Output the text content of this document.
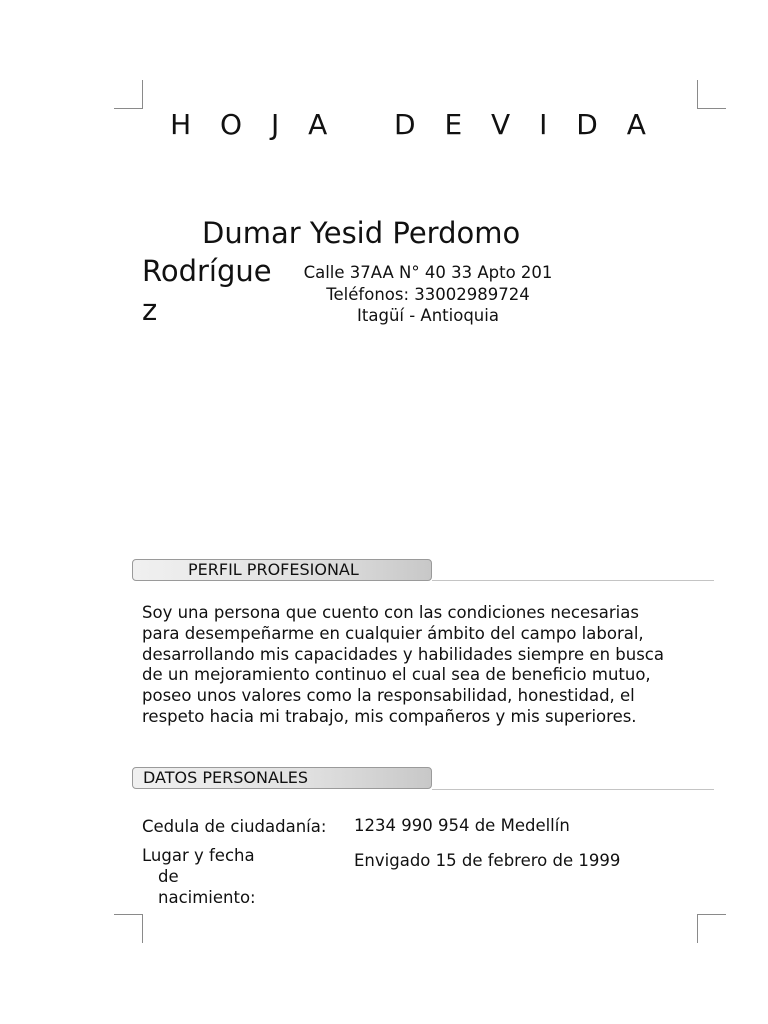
H O J A   D E V I D A
Dumar Yesid Perdomo
Rodrígue
z
Calle 37AA N° 40 33 Apto 201
Teléfonos: 33002989724
Itagüí - Antioquia
PERFIL PROFESIONAL
Soy una persona que cuento con las condiciones necesarias
para desempeñarme en cualquier ámbito del campo laboral,
desarrollando mis capacidades y habilidades siempre en busca
de un mejoramiento continuo el cual sea de beneficio mutuo,
poseo unos valores como la responsabilidad, honestidad, el
respeto hacia mi trabajo, mis compañeros y mis superiores.
DATOS PERSONALES
Cedula de ciudadanía: 1234 990 954 de Medellín
Lugar y fecha
de
nacimiento:
Envigado 15 de febrero de 1999
